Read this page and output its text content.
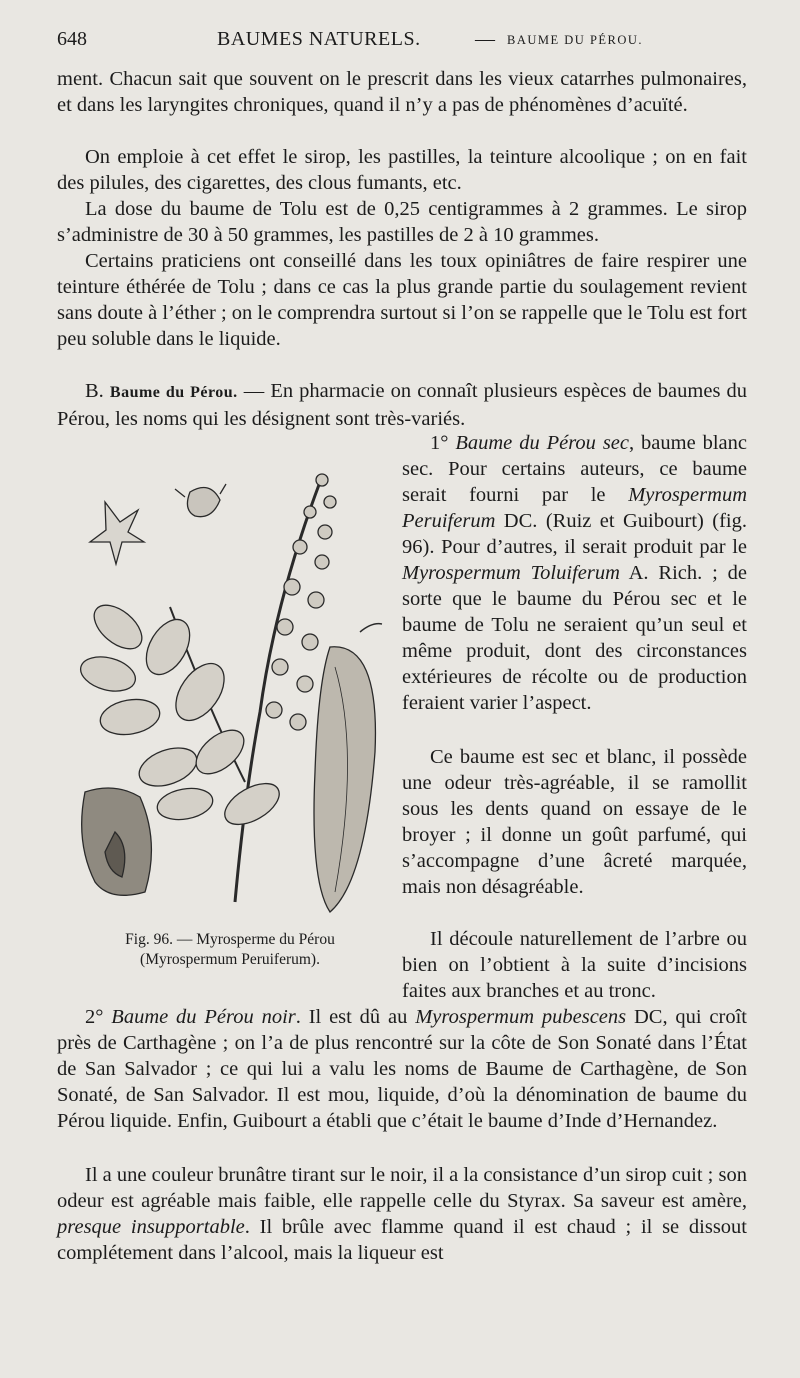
648	BAUMES NATURELS.	— BAUME DU PÉROU.

ment. Chacun sait que souvent on le prescrit dans les vieux catarrhes pulmonaires, et dans les laryngites chroniques, quand il n’y a pas de phénomènes d’acuïté.

On emploie à cet effet le sirop, les pastilles, la teinture alcoolique ; on en fait des pilules, des cigarettes, des clous fumants, etc.

La dose du baume de Tolu est de 0,25 centigrammes à 2 grammes. Le sirop s’administre de 30 à 50 grammes, les pastilles de 2 à 10 grammes.

Certains praticiens ont conseillé dans les toux opiniâtres de faire respirer une teinture éthérée de Tolu ; dans ce cas la plus grande partie du soulagement revient sans doute à l’éther ; on le comprendra surtout si l’on se rappelle que le Tolu est fort peu soluble dans le liquide.

B. Baume du Pérou. — En pharmacie on connaît plusieurs espèces de baumes du Pérou, les noms qui les désignent sont très-variés.

1° Baume du Pérou sec, baume blanc sec. Pour certains auteurs, ce baume serait fourni par le Myrospermum Peruiferum DC. (Ruiz et Guibourt) (fig. 96). Pour d’autres, il serait produit par le Myrospermum Toluiferum A. Rich. ; de sorte que le baume du Pérou sec et le baume de Tolu ne seraient qu’un seul et même produit, dont des circonstances extérieures de récolte ou de production feraient varier l’aspect.

Ce baume est sec et blanc, il possède une odeur très-agréable, il se ramollit sous les dents quand on essaye de le broyer ; il donne un goût parfumé, qui s’accompagne d’une âcreté marquée, mais non désagréable.

Il découle naturellement de l’arbre ou bien on l’obtient à la suite d’incisions faites aux branches et au tronc.

Fig. 96. — Myrosperme du Pérou
(Myrospermum Peruiferum).

2° Baume du Pérou noir. Il est dû au Myrospermum pubescens DC, qui croît près de Carthagène ; on l’a de plus rencontré sur la côte de Son Sonaté dans l’État de San Salvador ; ce qui lui a valu les noms de Baume de Carthagène, de Son Sonaté, de San Salvador. Il est mou, liquide, d’où la dénomination de baume du Pérou liquide. Enfin, Guibourt a établi que c’était le baume d’Inde d’Hernandez.

Il a une couleur brunâtre tirant sur le noir, il a la consistance d’un sirop cuit ; son odeur est agréable mais faible, elle rappelle celle du Styrax. Sa saveur est amère, presque insupportable. Il brûle avec flamme quand il est chaud ; il se dissout complétement dans l’alcool, mais la liqueur est
